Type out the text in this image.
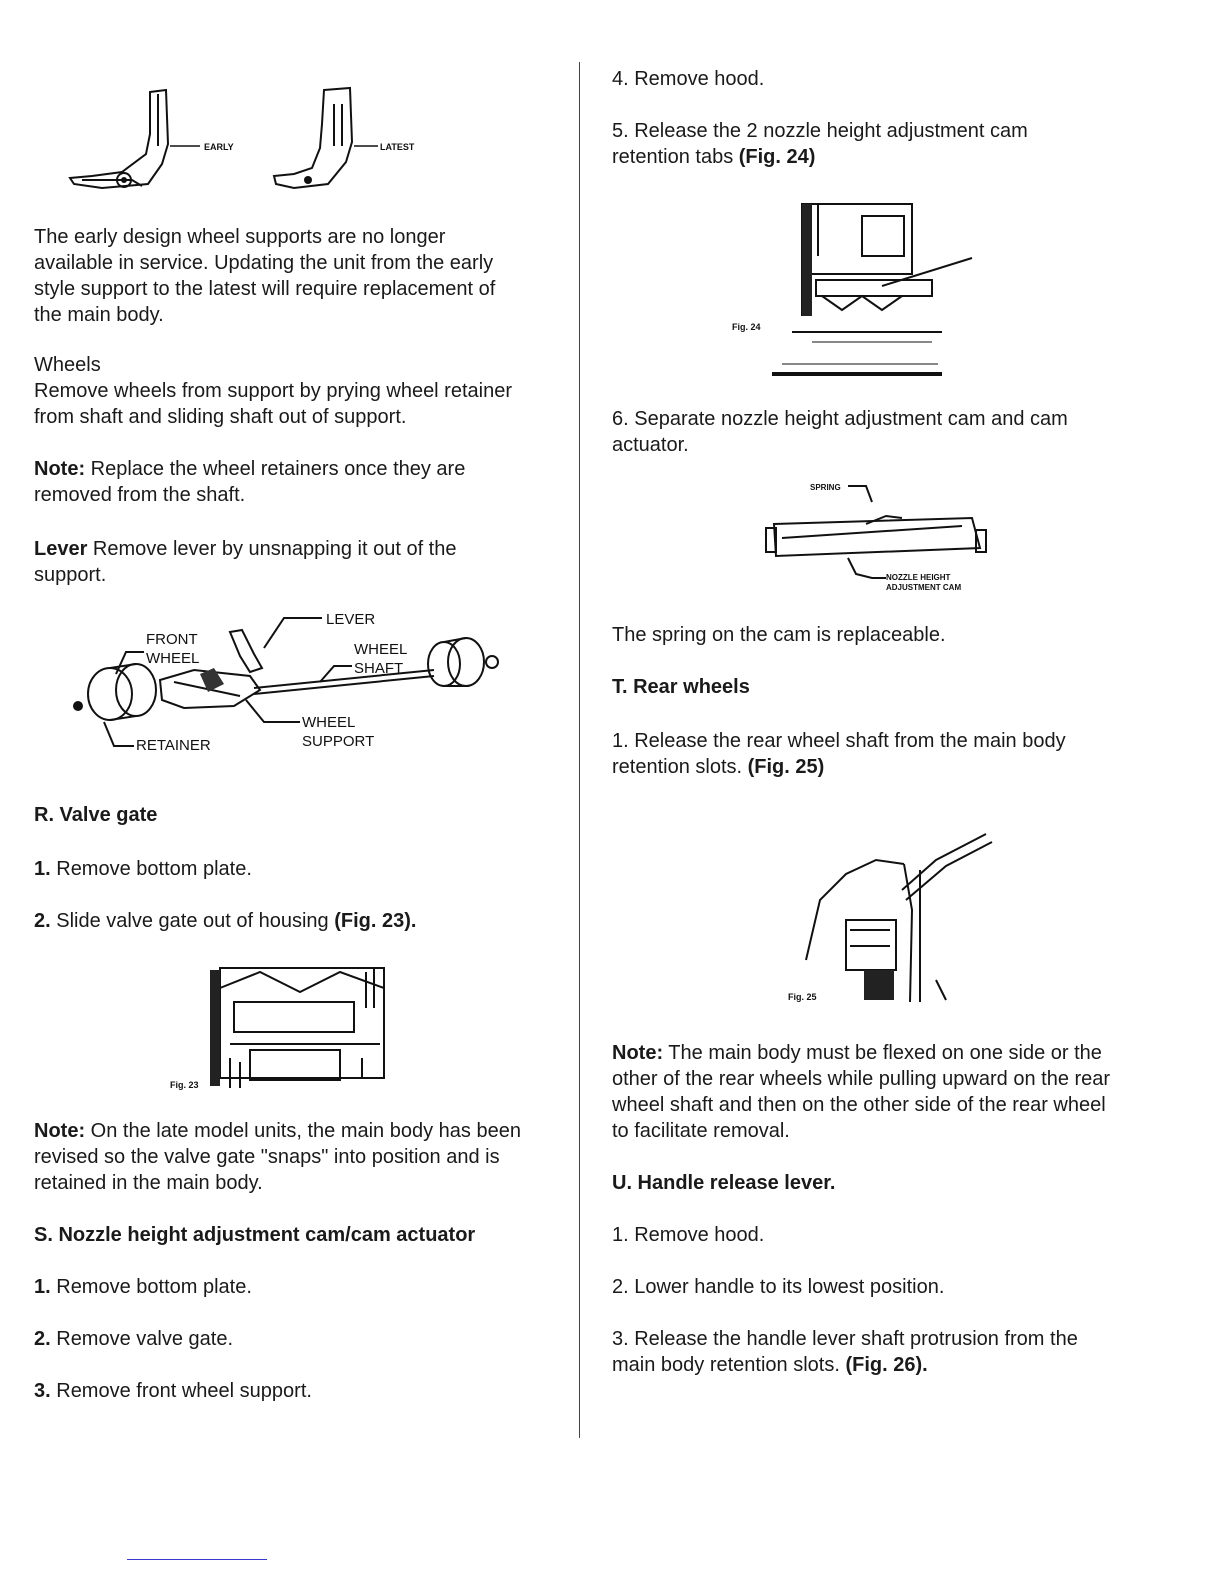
EARLY	LATEST

The early design wheel supports are no longer available in service. Updating the unit from the early style support to the latest will require replacement of the main body.

Wheels

Remove wheels from support by prying wheel retainer from shaft and sliding shaft out of support.

Note: Replace the wheel retainers once they are removed from the shaft.

Lever Remove lever by unsnapping it out of the support.

LEVER
FRONT
WHEEL
WHEEL
SHAFT
WHEEL
SUPPORT
RETAINER

R. Valve gate

1. Remove bottom plate.

2. Slide valve gate out of housing (Fig. 23).

Fig. 23

Note: On the late model units, the main body has been revised so the valve gate "snaps" into position and is retained in the main body.

S. Nozzle height adjustment cam/cam actuator

1. Remove bottom plate.

2. Remove valve gate.

3. Remove front wheel support.

4. Remove hood.

5. Release the 2 nozzle height adjustment cam retention tabs (Fig. 24)

Fig. 24

6. Separate nozzle height adjustment cam and cam actuator.

SPRING
NOZZLE HEIGHT
ADJUSTMENT CAM

The spring on the cam is replaceable.

T. Rear wheels

1. Release the rear wheel shaft from the main body retention slots. (Fig. 25)

Fig. 25

Note: The main body must be flexed on one side or the other of the rear wheels while pulling upward on the rear wheel shaft and then on the other side of the rear wheel to facilitate removal.

U. Handle release lever.

1. Remove hood.

2. Lower handle to its lowest position.

3. Release the handle lever shaft protrusion from the main body retention slots. (Fig. 26).
